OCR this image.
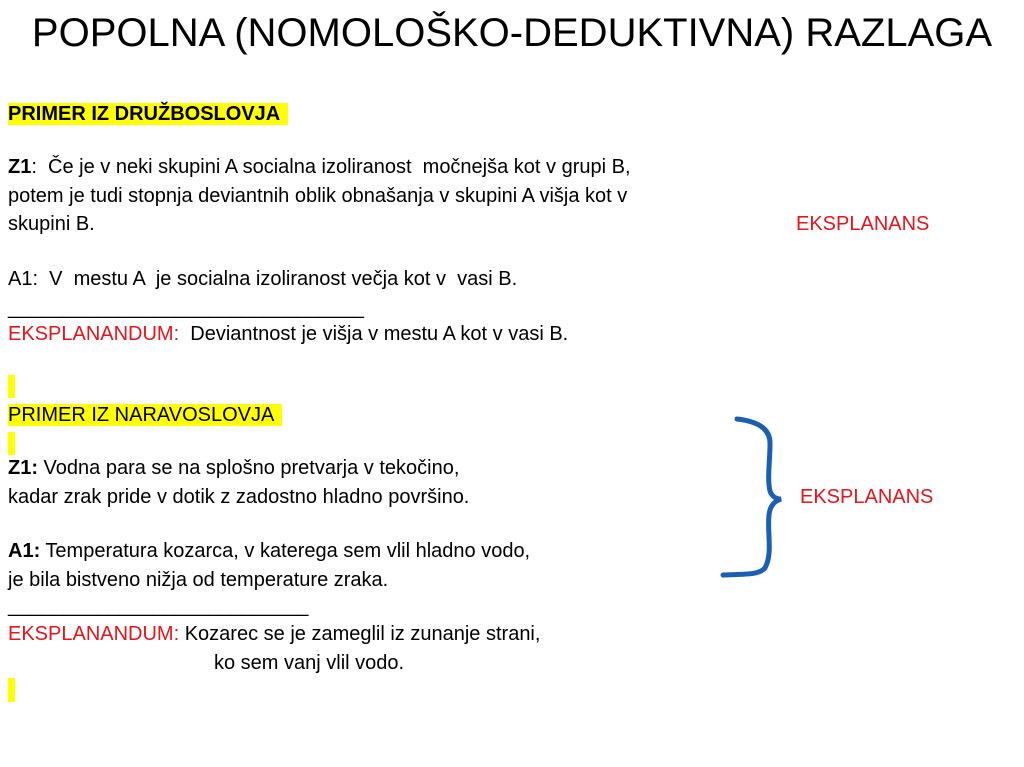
POPOLNA (NOMOLOŠKO-DEDUKTIVNA) RAZLAGA
PRIMER IZ DRUŽBOSLOVJA
Z1:  Če je v neki skupini A socialna izoliranost  močnejša kot v grupi B,
potem je tudi stopnja deviantnih oblik obnašanja v skupini A višja kot v
skupini B.	EKSPLANANS
A1:  V  mestu A  je socialna izoliranost večja kot v  vasi B.
________________________________
EKSPLANANDUM:  Deviantnost je višja v mestu A kot v vasi B.
PRIMER IZ NARAVOSLOVJA
Z1: Vodna para se na splošno pretvarja v tekočino,
kadar zrak pride v dotik z zadostno hladno površino.
A1: Temperatura kozarca, v katerega sem vlil hladno vodo,
je bila bistveno nižja od temperature zraka.
___________________________
EKSPLANANDUM: Kozarec se je zameglil iz zunanje strani,
ko sem vanj vlil vodo.
EKSPLANANS
